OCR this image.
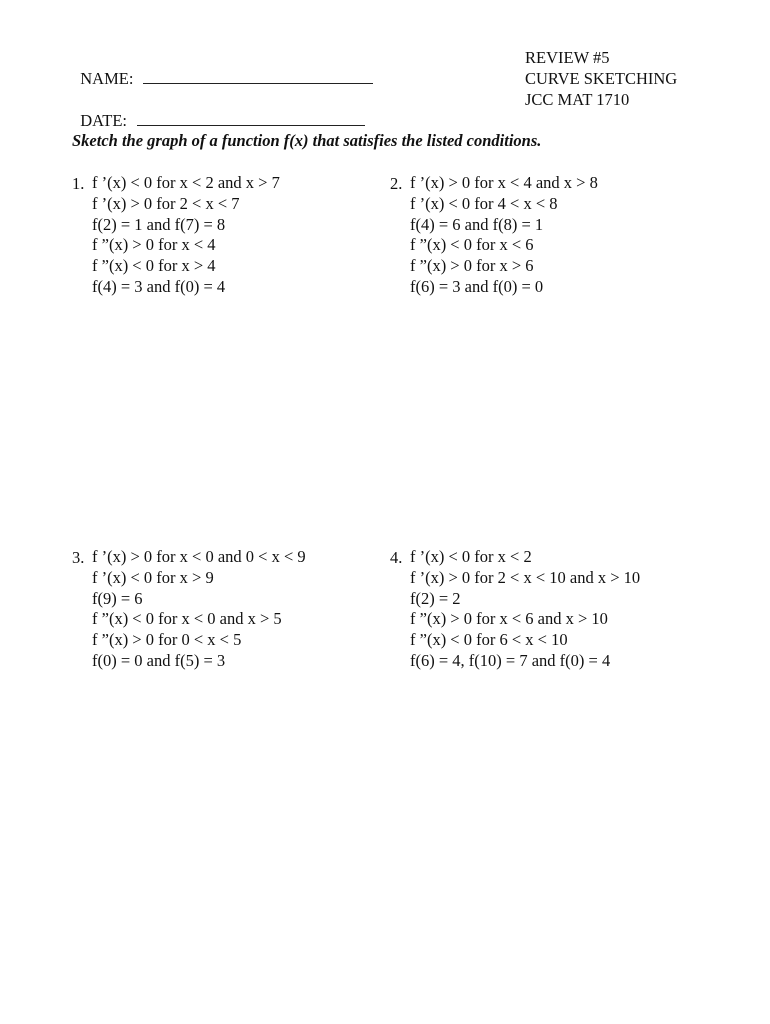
NAME:

DATE:

REVIEW #5
CURVE SKETCHING
JCC MAT 1710
Sketch the graph of a function f(x) that satisfies the listed conditions.
1. f ’(x) < 0 for x < 2 and x > 7
f ’(x) > 0 for 2 < x < 7
f(2) = 1 and f(7) = 8
f ”(x) > 0 for x < 4
f ”(x) < 0 for x > 4
f(4) = 3 and f(0) = 4
2. f ’(x) > 0 for x < 4 and x > 8
f ’(x) < 0 for 4 < x < 8
f(4) = 6 and f(8) = 1
f ”(x) < 0 for x < 6
f ”(x) > 0 for x > 6
f(6) = 3 and f(0) = 0
3. f ’(x) > 0 for x < 0 and 0 < x < 9
f ’(x) < 0 for x > 9
f(9) = 6
f ”(x) < 0 for x < 0 and x > 5
f ”(x) > 0 for 0 < x < 5
f(0) = 0 and f(5) = 3
4. f ’(x) < 0 for x < 2
f ’(x) > 0 for 2 < x < 10 and x > 10
f(2) = 2
f ”(x) > 0 for x < 6 and x > 10
f ”(x) < 0 for 6 < x < 10
f(6) = 4, f(10) = 7 and f(0) = 4
